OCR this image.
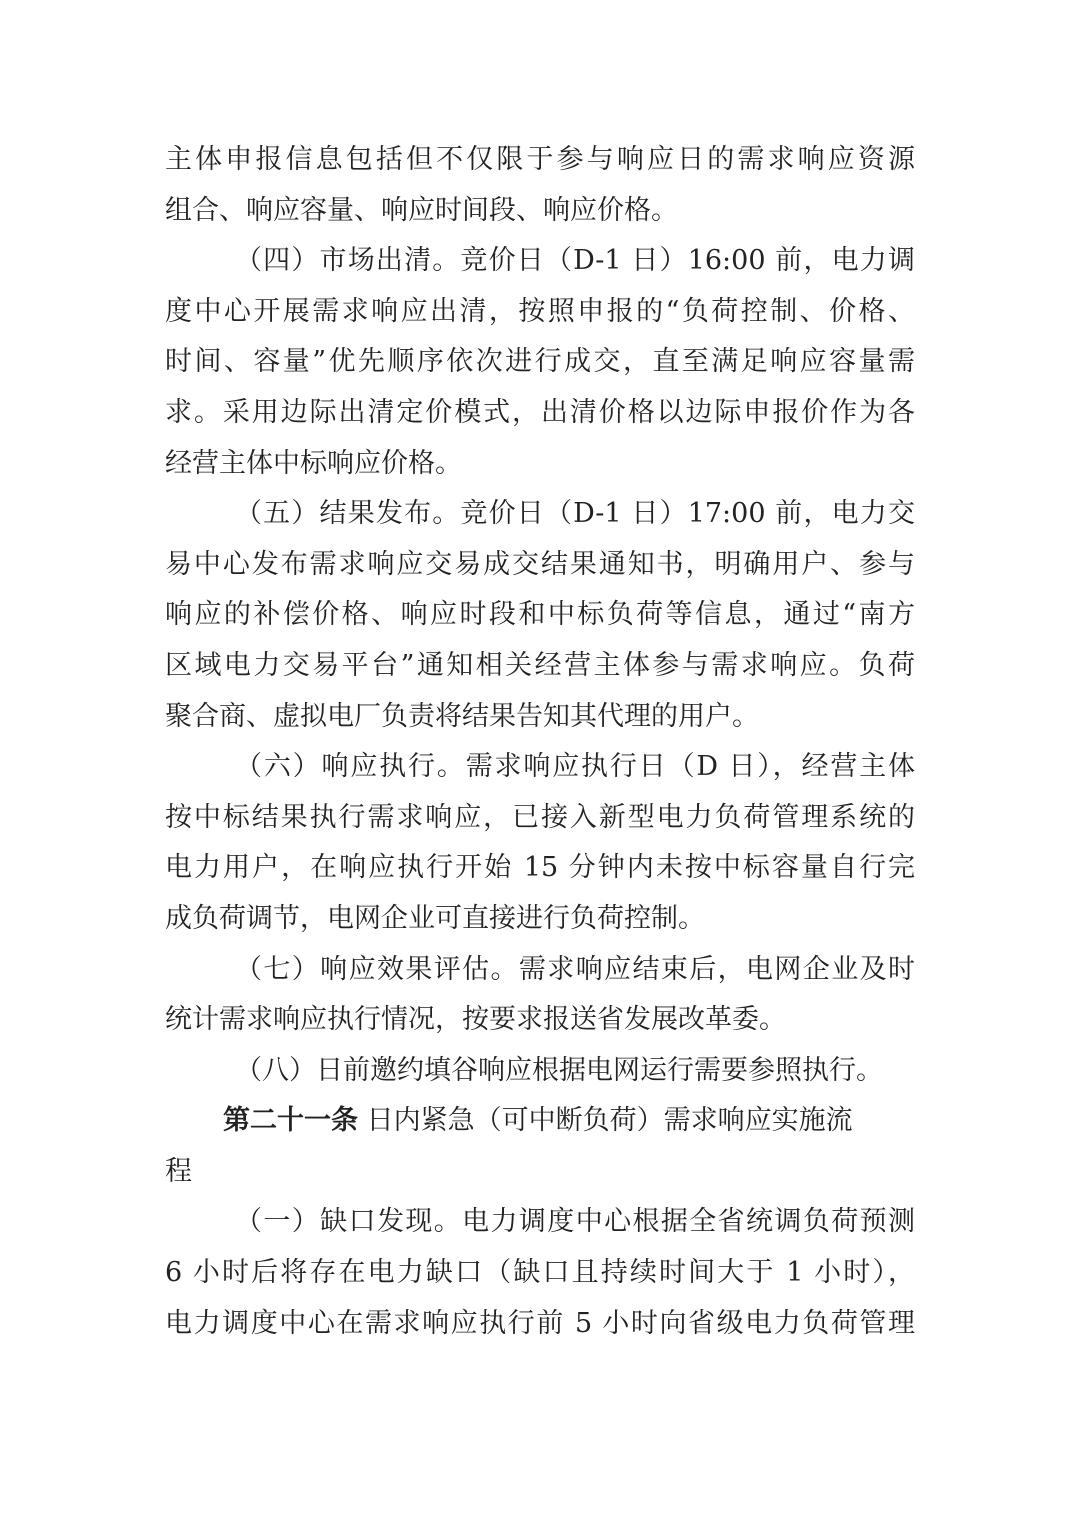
主体申报信息包括但不仅限于参与响应日的需求响应资源
组合、响应容量、响应时间段、响应价格。
（四）市场出清。竞价日（D-1 日）16:00 前，电力调
度中心开展需求响应出清，按照申报的“负荷控制、价格、
时间、容量”优先顺序依次进行成交，直至满足响应容量需
求。采用边际出清定价模式，出清价格以边际申报价作为各
经营主体中标响应价格。
（五）结果发布。竞价日（D-1 日）17:00 前，电力交
易中心发布需求响应交易成交结果通知书，明确用户、参与
响应的补偿价格、响应时段和中标负荷等信息，通过“南方
区域电力交易平台”通知相关经营主体参与需求响应。负荷
聚合商、虚拟电厂负责将结果告知其代理的用户。
（六）响应执行。需求响应执行日（D 日），经营主体
按中标结果执行需求响应，已接入新型电力负荷管理系统的
电力用户，在响应执行开始 15 分钟内未按中标容量自行完
成负荷调节，电网企业可直接进行负荷控制。
（七）响应效果评估。需求响应结束后，电网企业及时
统计需求响应执行情况，按要求报送省发展改革委。
（八）日前邀约填谷响应根据电网运行需要参照执行。
第二十一条 日内紧急（可中断负荷）需求响应实施流
程
（一）缺口发现。电力调度中心根据全省统调负荷预测
6 小时后将存在电力缺口（缺口且持续时间大于 1 小时），
电力调度中心在需求响应执行前 5 小时向省级电力负荷管理
